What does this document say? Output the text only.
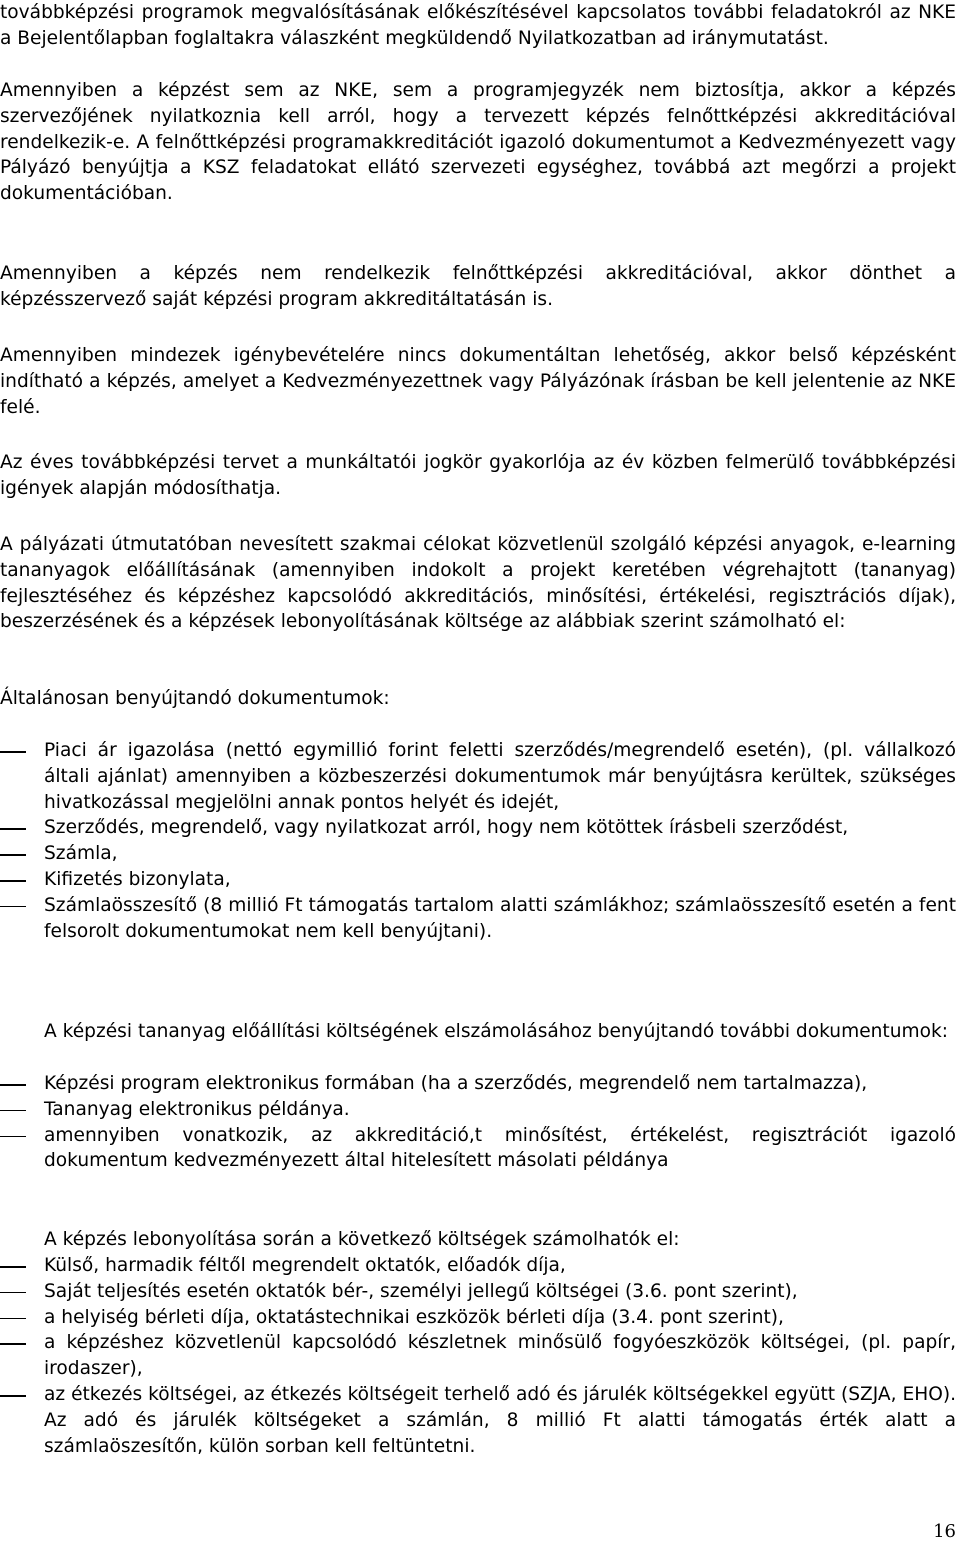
továbbképzési programok megvalósításának előkészítésével kapcsolatos további feladatokról az NKE a Bejelentőlapban foglaltakra válaszként megküldendő Nyilatkozatban ad iránymutatást.

Amennyiben a képzést sem az NKE, sem a programjegyzék nem biztosítja, akkor a képzés szervezőjének nyilatkoznia kell arról, hogy a tervezett képzés felnőttképzési akkreditációval rendelkezik-e. A felnőttképzési programakkreditációt igazoló dokumentumot a Kedvezményezett vagy Pályázó benyújtja a KSZ feladatokat ellátó szervezeti egységhez, továbbá azt megőrzi a projekt dokumentációban.

Amennyiben a képzés nem rendelkezik felnőttképzési akkreditációval, akkor dönthet a képzésszervező saját képzési program akkreditáltatásán is.

Amennyiben mindezek igénybevételére nincs dokumentáltan lehetőség, akkor belső képzésként indítható a képzés, amelyet a Kedvezményezettnek vagy Pályázónak írásban be kell jelentenie az NKE felé.

Az éves továbbképzési tervet a munkáltatói jogkör gyakorlója az év közben felmerülő továbbképzési igények alapján módosíthatja.

A pályázati útmutatóban nevesített szakmai célokat közvetlenül szolgáló képzési anyagok, e-learning tananyagok előállításának (amennyiben indokolt a projekt keretében végrehajtott (tananyag) fejlesztéséhez és képzéshez kapcsolódó akkreditációs, minősítési, értékelési, regisztrációs díjak), beszerzésének és a képzések lebonyolításának költsége az alábbiak szerint számolható el:

Általánosan benyújtandó dokumentumok:

Piaci ár igazolása (nettó egymillió forint feletti szerződés/megrendelő esetén), (pl. vállalkozó általi ajánlat) amennyiben a közbeszerzési dokumentumok már benyújtásra kerültek, szükséges hivatkozással megjelölni annak pontos helyét és idejét,
Szerződés, megrendelő, vagy nyilatkozat arról, hogy nem kötöttek írásbeli szerződést,
Számla,
Kifizetés bizonylata,
Számlaösszesítő (8 millió Ft támogatás tartalom alatti számlákhoz; számlaösszesítő esetén a fent felsorolt dokumentumokat nem kell benyújtani).

A képzési tananyag előállítási költségének elszámolásához benyújtandó további dokumentumok:

Képzési program elektronikus formában (ha a szerződés, megrendelő nem tartalmazza),
Tananyag elektronikus példánya.
amennyiben vonatkozik, az akkreditáció,t minősítést, értékelést, regisztrációt igazoló dokumentum kedvezményezett által hitelesített másolati példánya

A képzés lebonyolítása során a következő költségek számolhatók el:

Külső, harmadik féltől megrendelt oktatók, előadók díja,
Saját teljesítés esetén oktatók bér-, személyi jellegű költségei (3.6. pont szerint),
a helyiség bérleti díja, oktatástechnikai eszközök bérleti díja (3.4. pont szerint),
a képzéshez közvetlenül kapcsolódó készletnek minősülő fogyóeszközök költségei, (pl. papír, irodaszer),
az étkezés költségei, az étkezés költségeit terhelő adó és járulék költségekkel együtt (SZJA, EHO). Az adó és járulék költségeket a számlán, 8 millió Ft alatti támogatás érték alatt a számlaöszesítőn, külön sorban kell feltüntetni.
16
